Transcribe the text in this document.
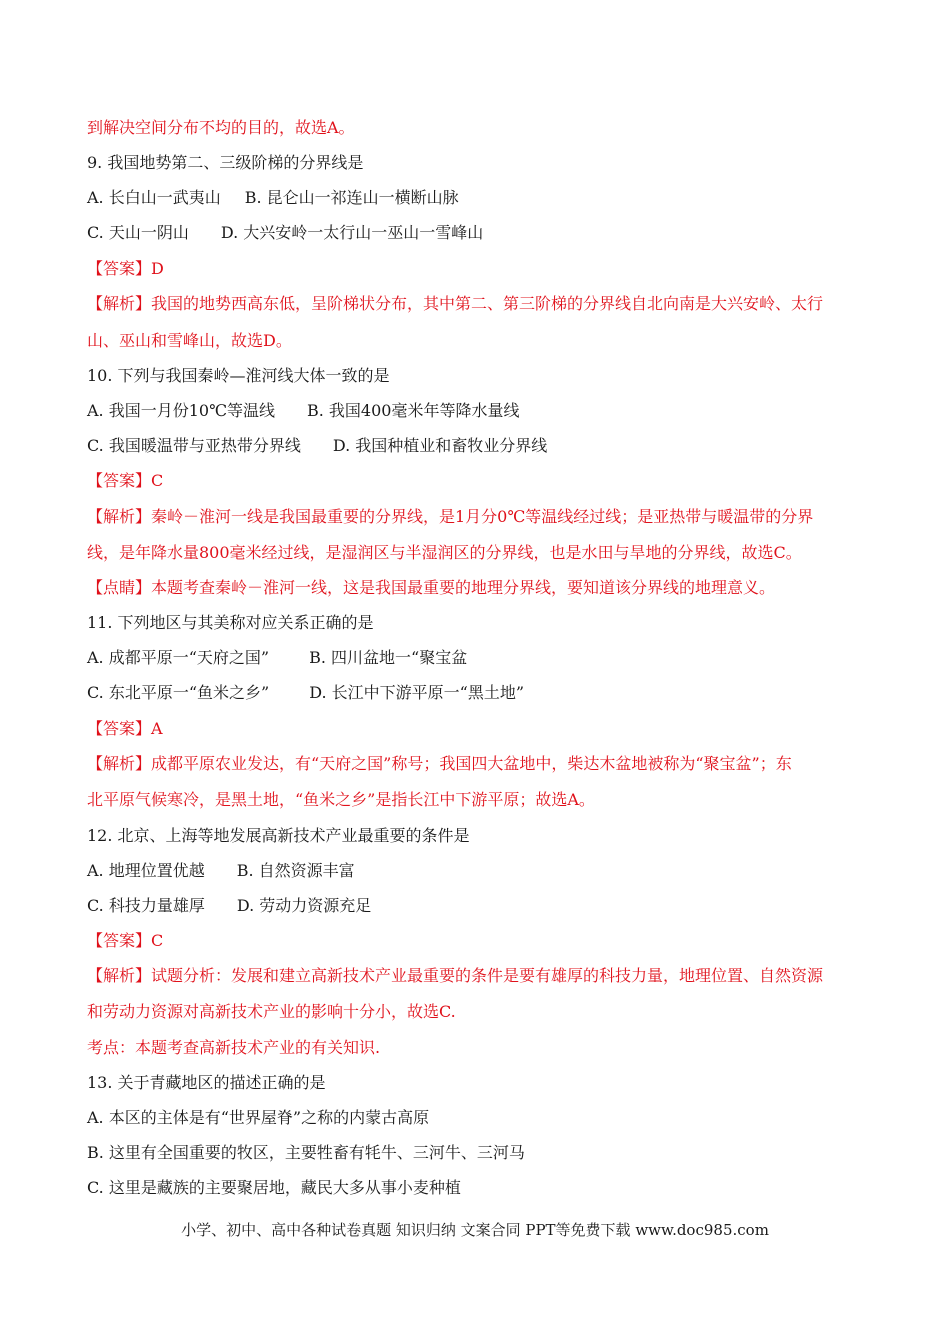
到解决空间分布不均的目的，故选A。
9. 我国地势第二、三级阶梯的分界线是
A. 长白山一武夷山 B. 昆仑山一祁连山一横断山脉
C. 天山一阴山 D. 大兴安岭一太行山一巫山一雪峰山
【答案】D
【解析】我国的地势西高东低，呈阶梯状分布，其中第二、第三阶梯的分界线自北向南是大兴安岭、太行
山、巫山和雪峰山，故选D。
10. 下列与我国秦岭—淮河线大体一致的是
A. 我国一月份10℃等温线 B. 我国400毫米年等降水量线
C. 我国暖温带与亚热带分界线 D. 我国种植业和畜牧业分界线
【答案】C
【解析】秦岭－淮河一线是我国最重要的分界线，是1月分0℃等温线经过线；是亚热带与暖温带的分界
线，是年降水量800毫米经过线，是湿润区与半湿润区的分界线，也是水田与旱地的分界线，故选C。
【点睛】本题考查秦岭－淮河一线，这是我国最重要的地理分界线，要知道该分界线的地理意义。
11. 下列地区与其美称对应关系正确的是
A. 成都平原一“天府之国”	B. 四川盆地一“聚宝盆
C. 东北平原一“鱼米之乡”	D. 长江中下游平原一“黑土地”
【答案】A
【解析】成都平原农业发达，有“天府之国”称号；我国四大盆地中，柴达木盆地被称为“聚宝盆”；东
北平原气候寒冷，是黑土地，“鱼米之乡”是指长江中下游平原；故选A。
12. 北京、上海等地发展高新技术产业最重要的条件是
A. 地理位置优越 B. 自然资源丰富
C. 科技力量雄厚 D. 劳动力资源充足
【答案】C
【解析】试题分析：发展和建立高新技术产业最重要的条件是要有雄厚的科技力量，地理位置、自然资源
和劳动力资源对高新技术产业的影响十分小，故选C.
考点：本题考查高新技术产业的有关知识.
13. 关于青藏地区的描述正确的是
A. 本区的主体是有“世界屋脊”之称的内蒙古高原
B. 这里有全国重要的牧区，主要牲畜有牦牛、三河牛、三河马
C. 这里是藏族的主要聚居地，藏民大多从事小麦种植
小学、初中、高中各种试卷真题 知识归纳 文案合同 PPT等免费下载 www.doc985.com
